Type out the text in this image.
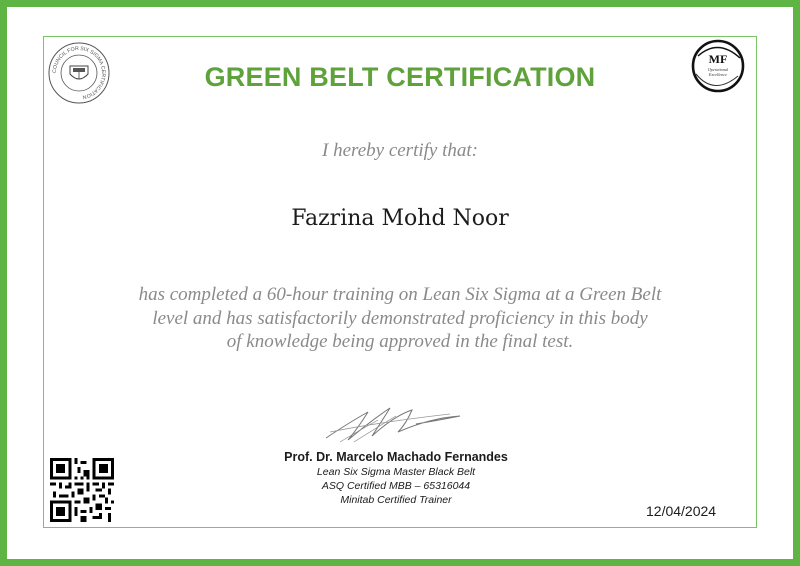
COUNCIL FOR SIX SIGMA CERTIFICATION
MF
Operational
Excellence
GREEN BELT CERTIFICATION
I hereby certify that:
Fazrina Mohd Noor
has completed a 60-hour training on Lean Six Sigma at a Green Belt
level and has satisfactorily demonstrated proficiency in this body
of knowledge being approved in the final test.
Prof. Dr. Marcelo Machado Fernandes
Lean Six Sigma Master Black Belt
ASQ Certified MBB – 65316044
Minitab Certified Trainer
12/04/2024
